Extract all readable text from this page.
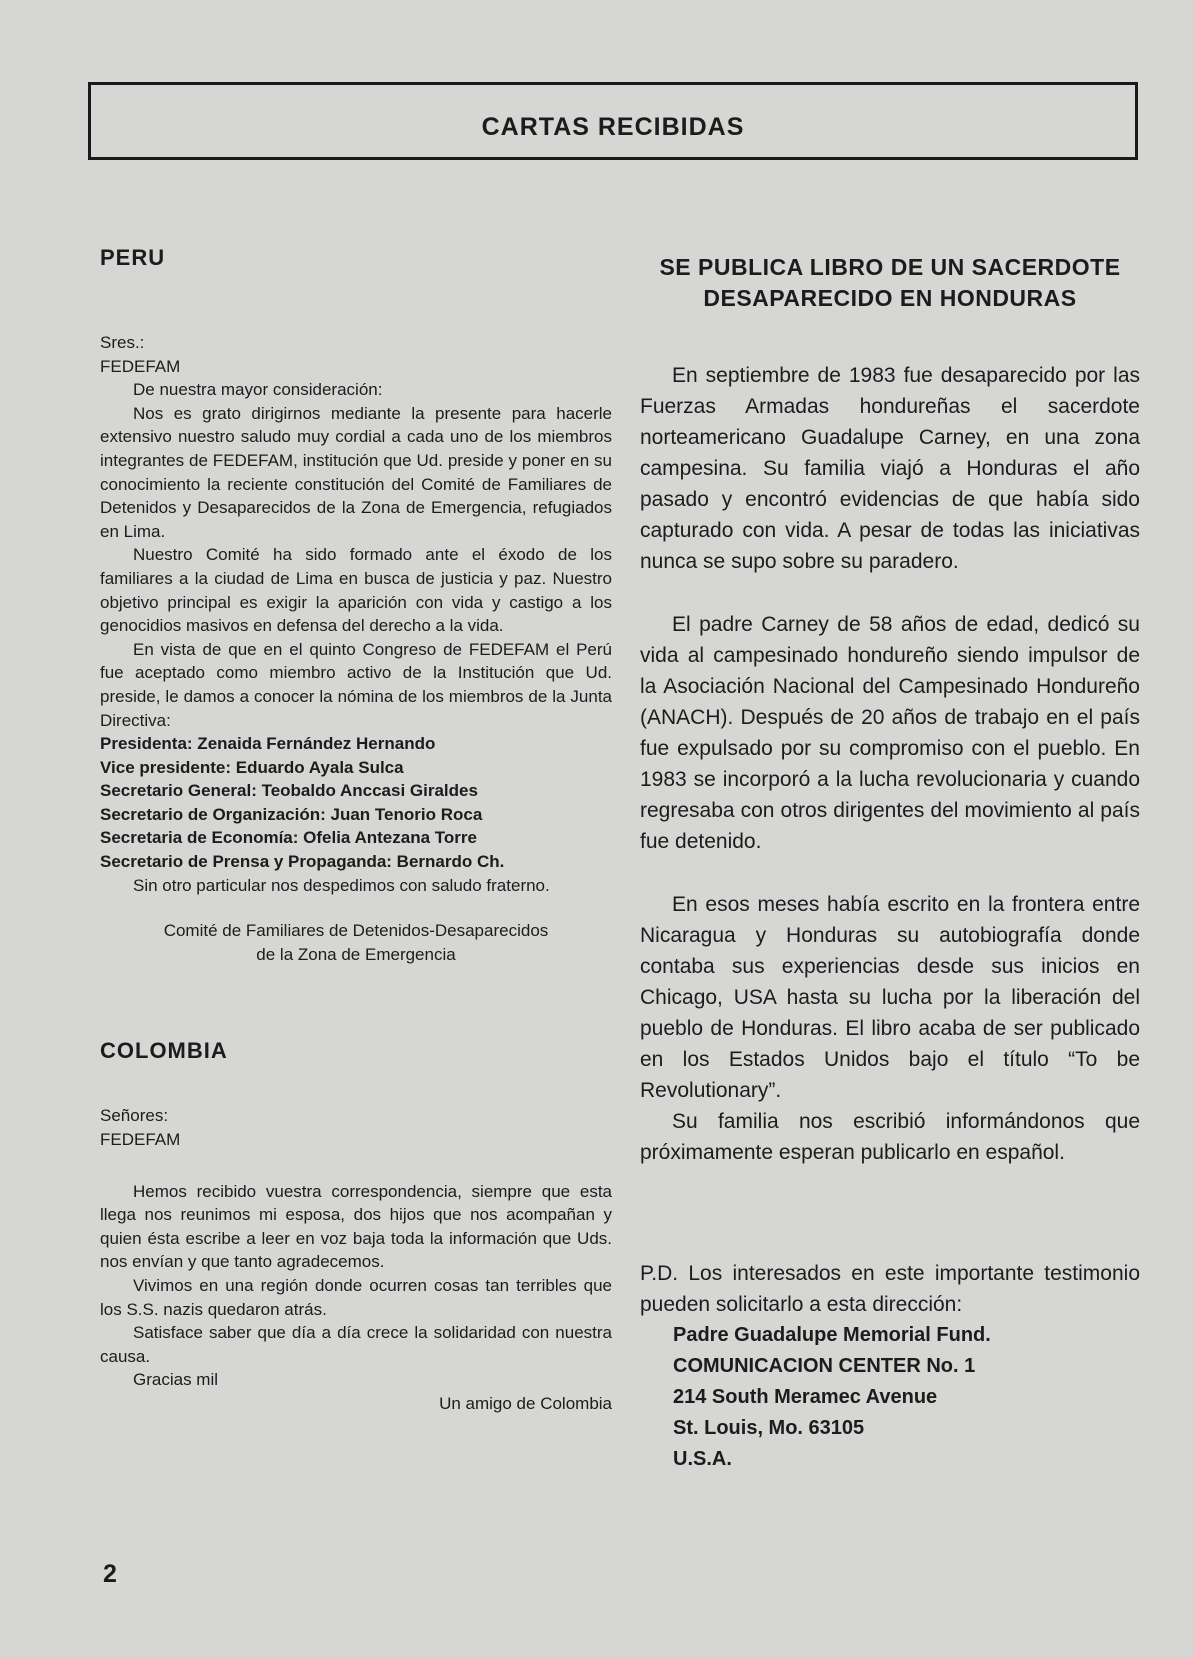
CARTAS RECIBIDAS
PERU

Sres.:

FEDEFAM

De nuestra mayor consideración:

Nos es grato dirigirnos mediante la presente para hacerle extensivo nuestro saludo muy cordial a cada uno de los miembros integrantes de FEDEFAM, institución que Ud. preside y poner en su conocimiento la reciente constitución del Comité de Familiares de Detenidos y Desaparecidos de la Zona de Emergencia, refugiados en Lima.

Nuestro Comité ha sido formado ante el éxodo de los familiares a la ciudad de Lima en busca de justicia y paz. Nuestro objetivo principal es exigir la aparición con vida y castigo a los genocidios masivos en defensa del derecho a la vida.

En vista de que en el quinto Congreso de FEDEFAM el Perú fue aceptado como miembro activo de la Institución que Ud. preside, le damos a conocer la nómina de los miembros de la Junta Directiva:

Presidenta: Zenaida Fernández Hernando

Vice presidente: Eduardo Ayala Sulca

Secretario General: Teobaldo Anccasi Giraldes

Secretario de Organización: Juan Tenorio Roca

Secretaria de Economía: Ofelia Antezana Torre

Secretario de Prensa y Propaganda: Bernardo Ch.

Sin otro particular nos despedimos con saludo fraterno.

Comité de Familiares de Detenidos-Desaparecidos

de la Zona de Emergencia

COLOMBIA

Señores:

FEDEFAM

Hemos recibido vuestra correspondencia, siempre que esta llega nos reunimos mi esposa, dos hijos que nos acompañan y quien ésta escribe a leer en voz baja toda la información que Uds. nos envían y que tanto agradecemos.

Vivimos en una región donde ocurren cosas tan terribles que los S.S. nazis quedaron atrás.

Satisface saber que día a día crece la solidaridad con nuestra causa.

Gracias mil

Un amigo de Colombia

SE PUBLICA LIBRO DE UN SACERDOTE

DESAPARECIDO EN HONDURAS

En septiembre de 1983 fue desaparecido por las Fuerzas Armadas hondureñas el sacerdote norteamericano Guadalupe Carney, en una zona campesina. Su familia viajó a Honduras el año pasado y encontró evidencias de que había sido capturado con vida. A pesar de todas las iniciativas nunca se supo sobre su paradero.

El padre Carney de 58 años de edad, dedicó su vida al campesinado hondureño siendo impulsor de la Asociación Nacional del Campesinado Hondureño (ANACH). Después de 20 años de trabajo en el país fue expulsado por su compromiso con el pueblo. En 1983 se incorporó a la lucha revolucionaria y cuando regresaba con otros dirigentes del movimiento al país fue detenido.

En esos meses había escrito en la frontera entre Nicaragua y Honduras su autobiografía donde contaba sus experiencias desde sus inicios en Chicago, USA hasta su lucha por la liberación del pueblo de Honduras. El libro acaba de ser publicado en los Estados Unidos bajo el título “To be Revolutionary”.

Su familia nos escribió informándonos que próximamente esperan publicarlo en español.

P.D. Los interesados en este importante testimonio pueden solicitarlo a esta dirección:

Padre Guadalupe Memorial Fund.

COMUNICACION CENTER No. 1

214 South Meramec Avenue

St. Louis, Mo. 63105

U.S.A.

2
